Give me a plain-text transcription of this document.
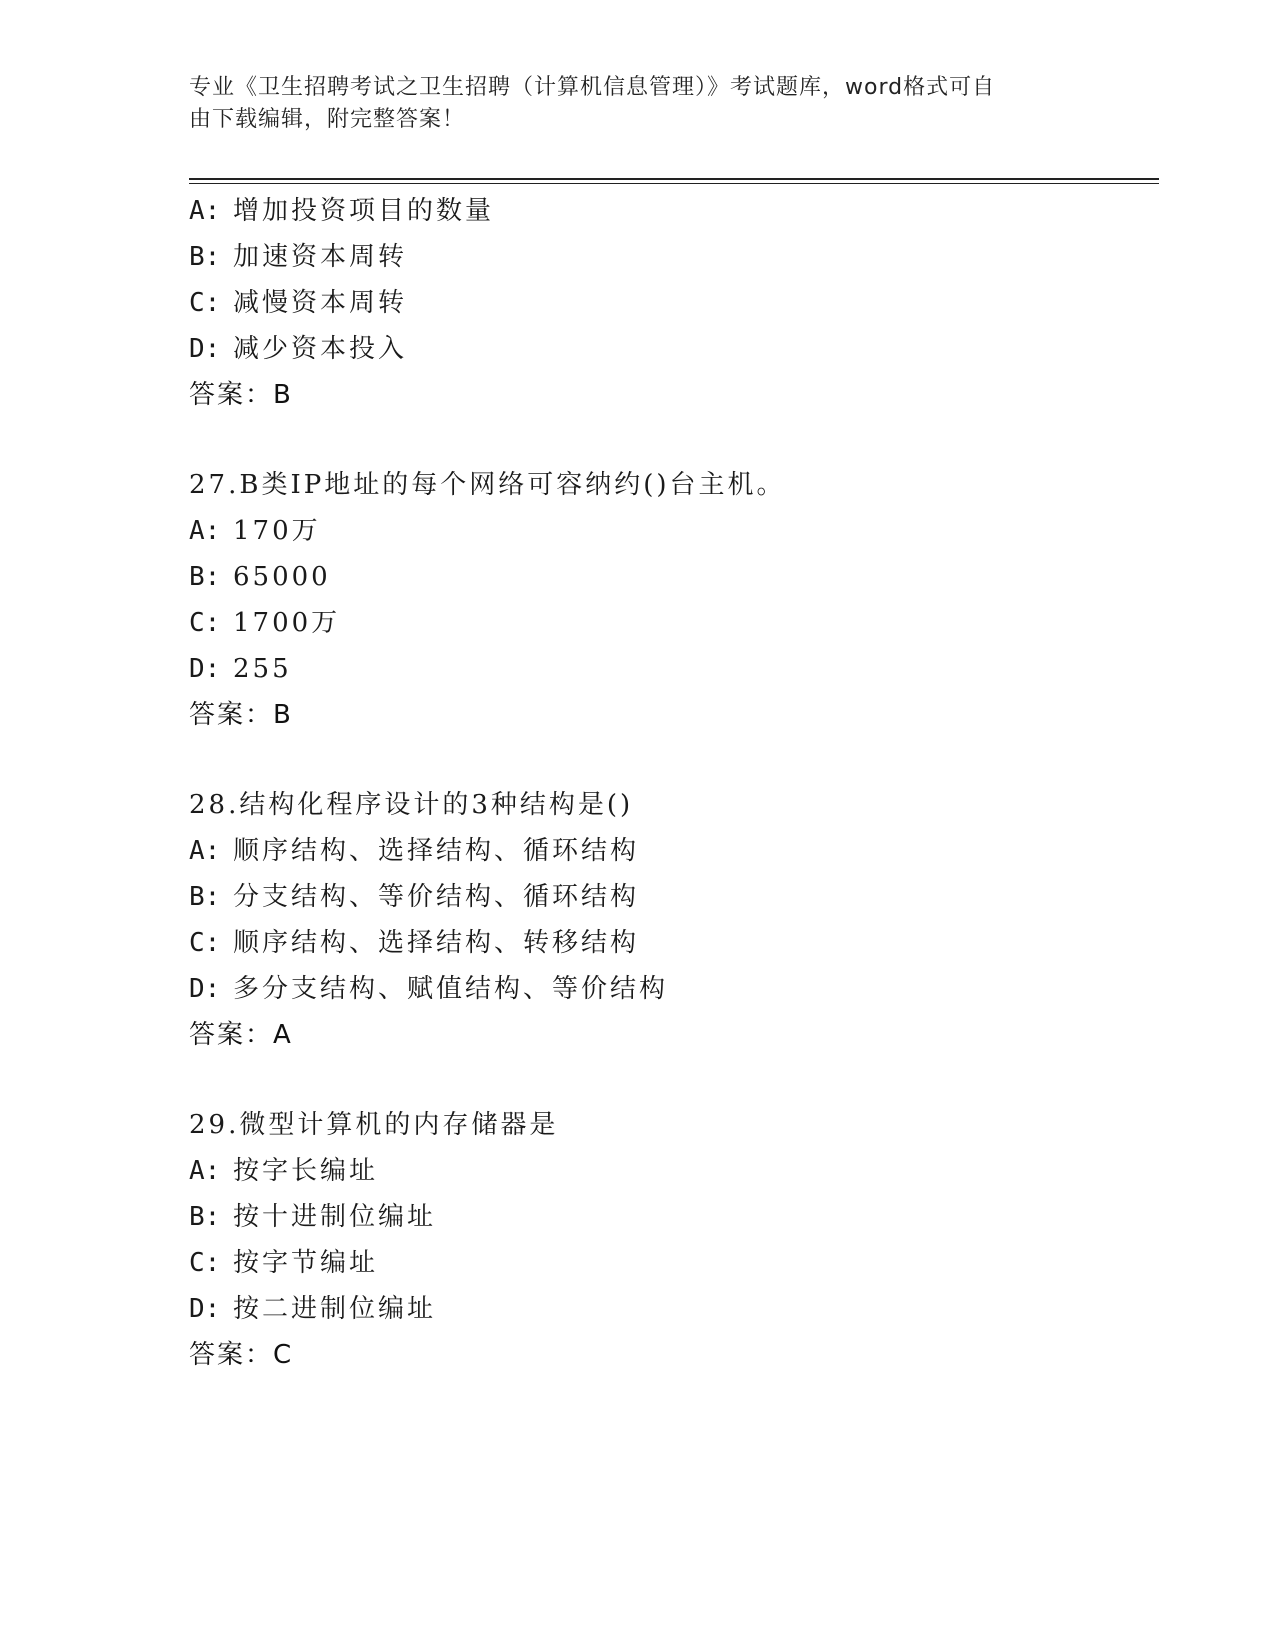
专业《卫生招聘考试之卫生招聘（计算机信息管理）》考试题库，word格式可自
由下载编辑，附完整答案！
A: 增加投资项目的数量
B: 加速资本周转
C: 减慢资本周转
D: 减少资本投入
答案：B
27.B类IP地址的每个网络可容纳约()台主机。
A: 170万
B: 65000
C: 1700万
D: 255
答案：B
28.结构化程序设计的3种结构是()
A: 顺序结构、选择结构、循环结构
B: 分支结构、等价结构、循环结构
C: 顺序结构、选择结构、转移结构
D: 多分支结构、赋值结构、等价结构
答案：A
29.微型计算机的内存储器是
A: 按字长编址
B: 按十进制位编址
C: 按字节编址
D: 按二进制位编址
答案：C
